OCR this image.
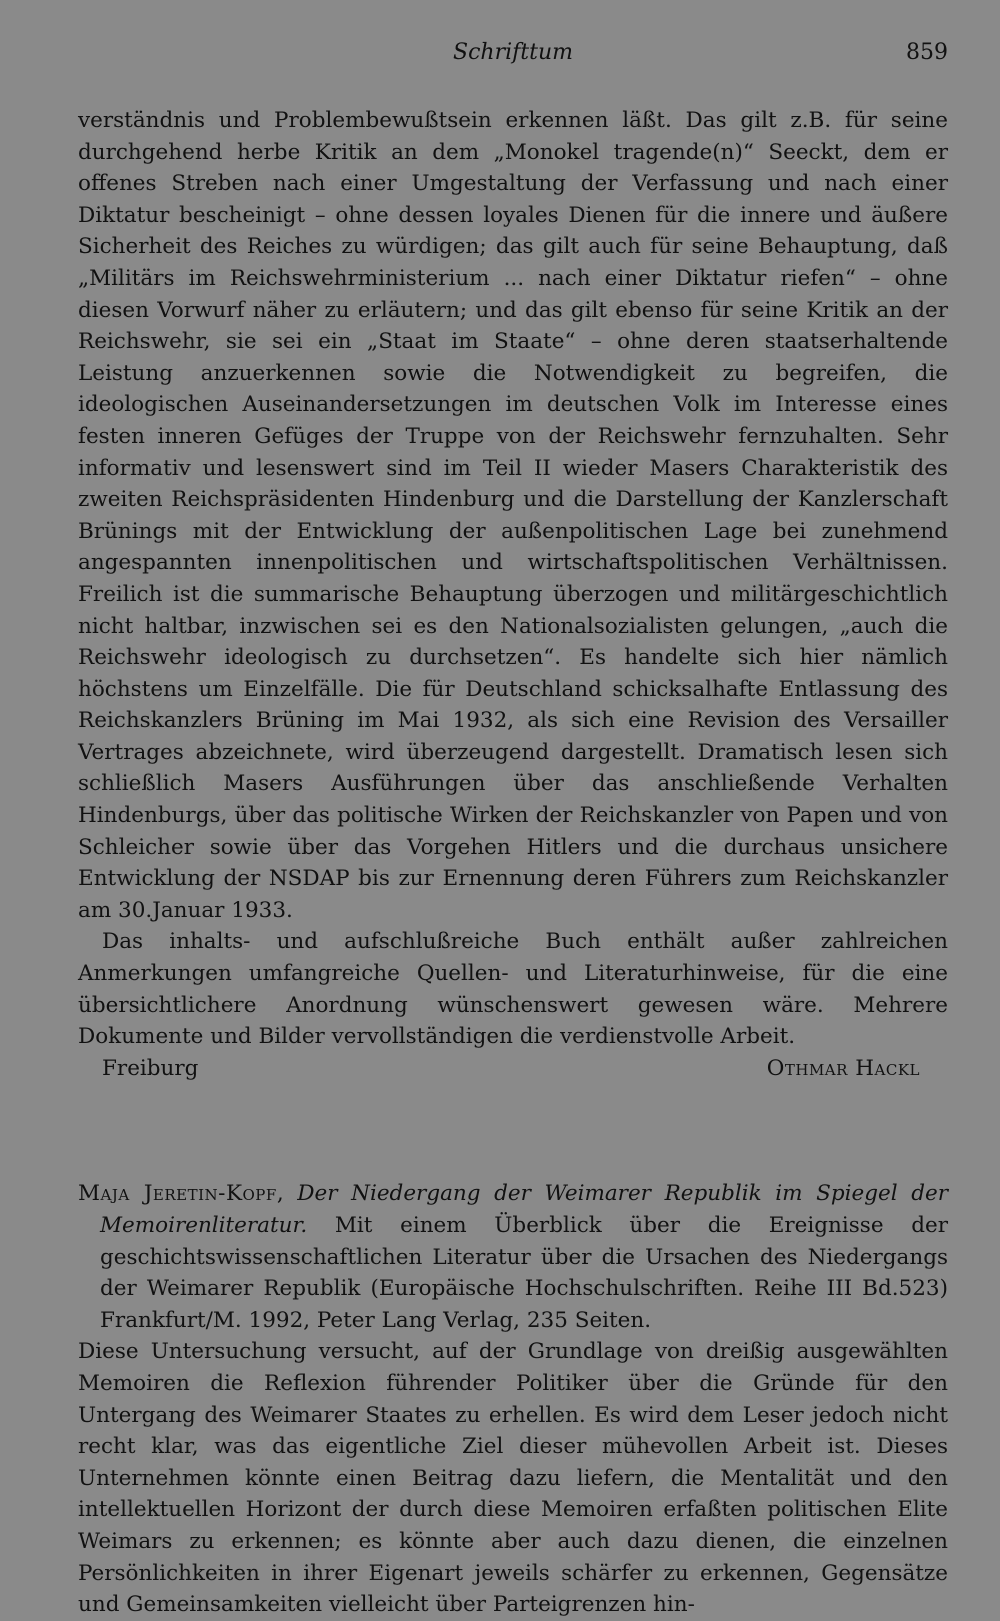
Schrifttum	859

verständnis und Problembewußtsein erkennen läßt. Das gilt z.B. für seine durchgehend herbe Kritik an dem „Monokel tragende(n)“ Seeckt, dem er offenes Streben nach einer Umgestaltung der Verfassung und nach einer Diktatur bescheinigt – ohne dessen loyales Dienen für die innere und äußere Sicherheit des Reiches zu würdigen; das gilt auch für seine Behauptung, daß „Militärs im Reichswehrministerium ... nach einer Diktatur riefen“ – ohne diesen Vorwurf näher zu erläutern; und das gilt ebenso für seine Kritik an der Reichswehr, sie sei ein „Staat im Staate“ – ohne deren staatserhaltende Leistung anzuerkennen sowie die Notwendigkeit zu begreifen, die ideologischen Auseinandersetzungen im deutschen Volk im Interesse eines festen inneren Gefüges der Truppe von der Reichswehr fernzuhalten. Sehr informativ und lesenswert sind im Teil II wieder Masers Charakteristik des zweiten Reichspräsidenten Hindenburg und die Darstellung der Kanzlerschaft Brünings mit der Entwicklung der außenpolitischen Lage bei zunehmend angespannten innenpolitischen und wirtschaftspolitischen Verhältnissen. Freilich ist die summarische Behauptung überzogen und militärgeschichtlich nicht haltbar, inzwischen sei es den Nationalsozialisten gelungen, „auch die Reichswehr ideologisch zu durchsetzen“. Es handelte sich hier nämlich höchstens um Einzelfälle. Die für Deutschland schicksalhafte Entlassung des Reichskanzlers Brüning im Mai 1932, als sich eine Revision des Versailler Vertrages abzeichnete, wird überzeugend dargestellt. Dramatisch lesen sich schließlich Masers Ausführungen über das anschließende Verhalten Hindenburgs, über das politische Wirken der Reichskanzler von Papen und von Schleicher sowie über das Vorgehen Hitlers und die durchaus unsichere Entwicklung der NSDAP bis zur Ernennung deren Führers zum Reichskanzler am 30.Januar 1933.

Das inhalts- und aufschlußreiche Buch enthält außer zahlreichen Anmerkungen umfangreiche Quellen- und Literaturhinweise, für die eine übersichtlichere Anordnung wünschenswert gewesen wäre. Mehrere Dokumente und Bilder vervollständigen die verdienstvolle Arbeit.

Freiburg	Othmar Hackl

Maja Jeretin-Kopf, Der Niedergang der Weimarer Republik im Spiegel der Memoirenliteratur. Mit einem Überblick über die Ereignisse der geschichtswissenschaftlichen Literatur über die Ursachen des Niedergangs der Weimarer Republik (Europäische Hochschulschriften. Reihe III Bd.523) Frankfurt/M. 1992, Peter Lang Verlag, 235 Seiten.

Diese Untersuchung versucht, auf der Grundlage von dreißig ausgewählten Memoiren die Reflexion führender Politiker über die Gründe für den Untergang des Weimarer Staates zu erhellen. Es wird dem Leser jedoch nicht recht klar, was das eigentliche Ziel dieser mühevollen Arbeit ist. Dieses Unternehmen könnte einen Beitrag dazu liefern, die Mentalität und den intellektuellen Horizont der durch diese Memoiren erfaßten politischen Elite Weimars zu erkennen; es könnte aber auch dazu dienen, die einzelnen Persönlichkeiten in ihrer Eigenart jeweils schärfer zu erkennen, Gegensätze und Gemeinsamkeiten vielleicht über Parteigrenzen hin-
